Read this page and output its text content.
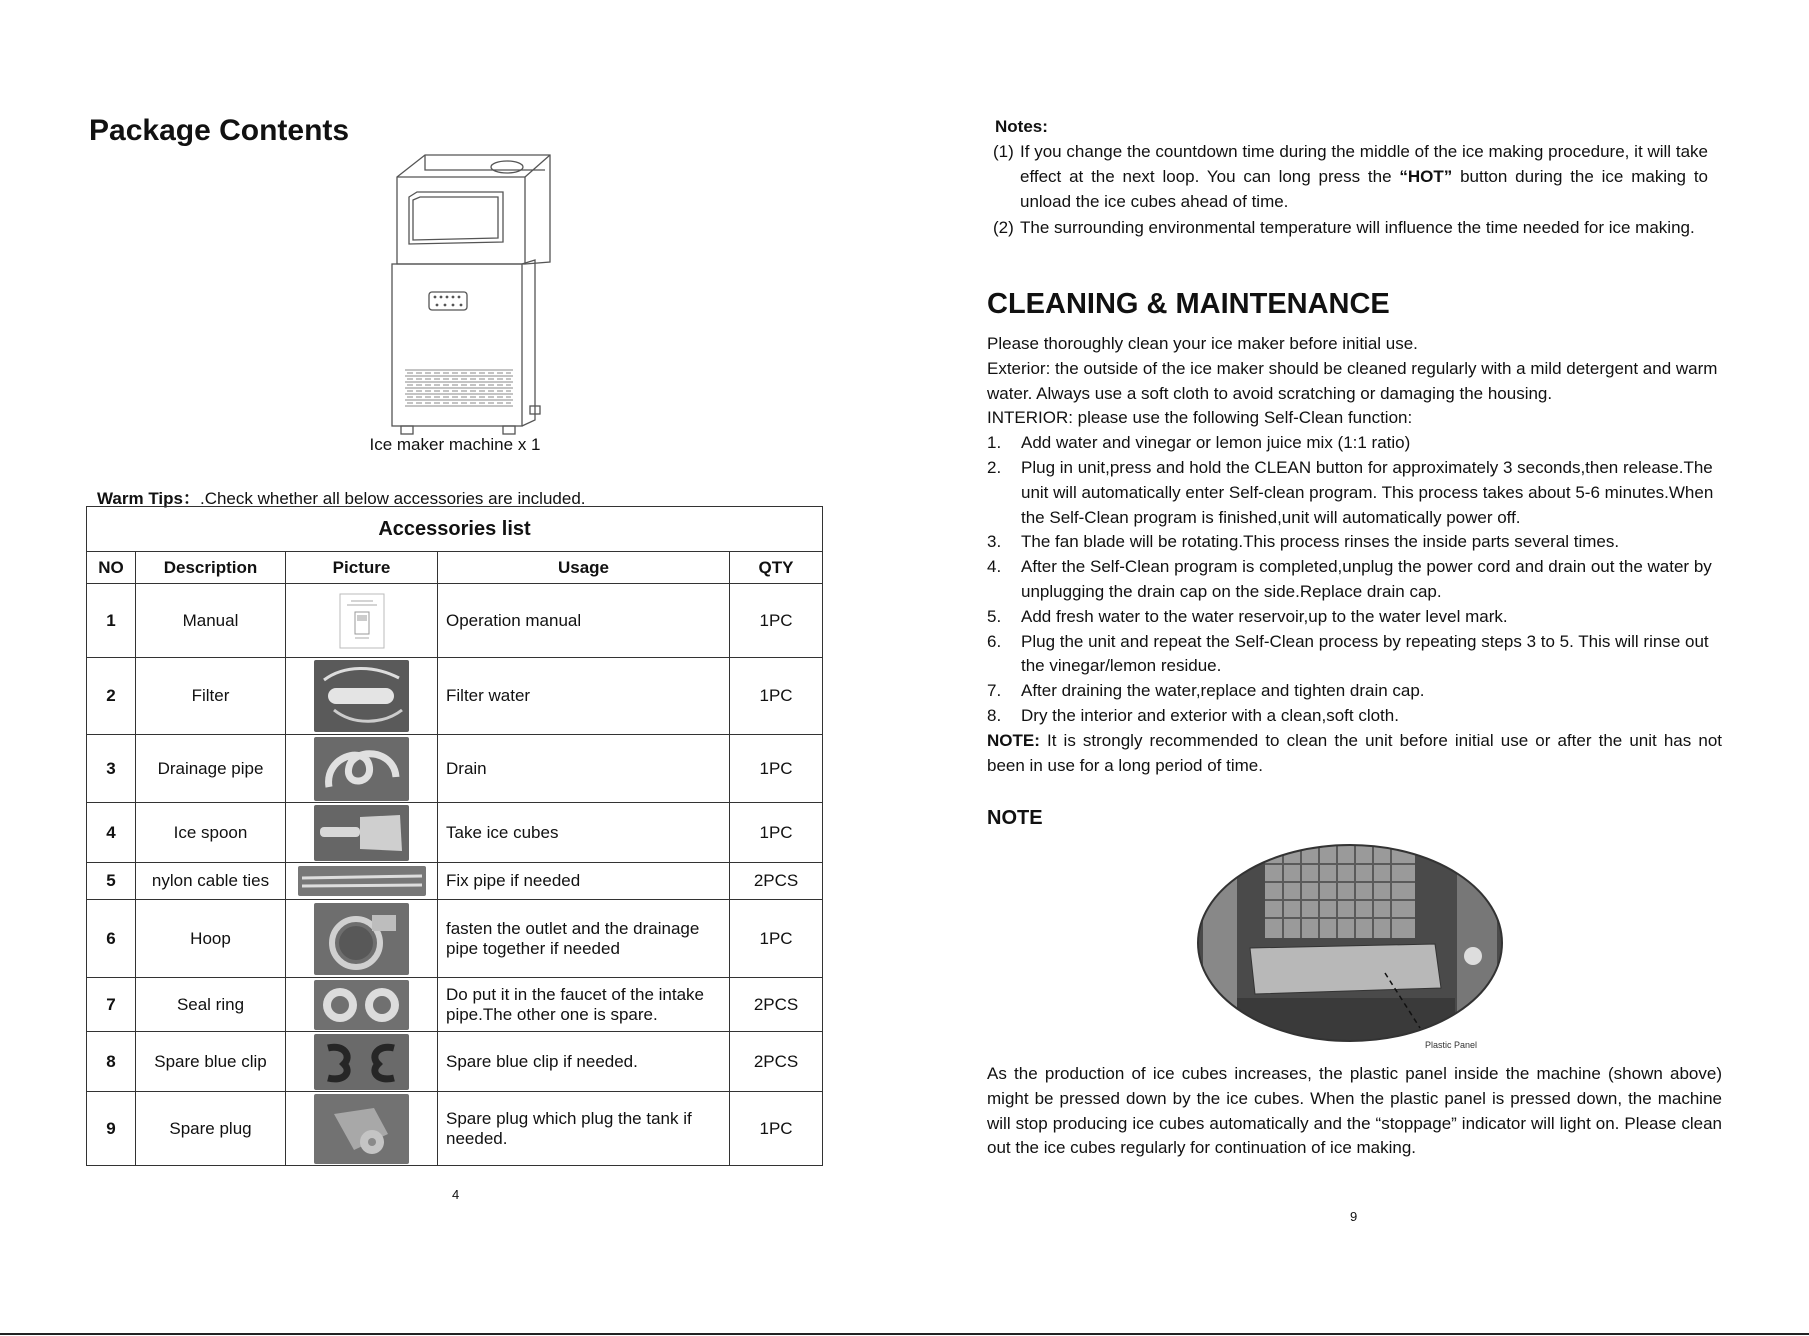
Package Contents
Ice maker machine x 1
Warm Tips：.Check whether all below accessories are included.
Accessories list				
NO	Description	Picture	Usage	QTY
1	Manual		Operation manual	1PC
2	Filter		Filter water	1PC
3	Drainage pipe		Drain	1PC
4	Ice spoon		Take ice cubes	1PC
5	nylon cable ties		Fix pipe if needed	2PCS
6	Hoop		fasten the outlet and the drainage pipe together if needed	1PC
7	Seal ring		Do put it in the faucet of the intake pipe.The other one is spare.	2PCS
8	Spare blue clip		Spare blue clip if needed.	2PCS
9	Spare plug		Spare plug which plug the tank if needed.	1PC
4
Notes:
(1) If you change the countdown time during the middle of the ice making procedure, it will take effect at the next loop. You can long press the “HOT” button during the ice making to unload the ice cubes ahead of time.
(2) The surrounding environmental temperature will influence the time needed for ice making.
CLEANING & MAINTENANCE

Please thoroughly clean your ice maker before initial use.

Exterior: the outside of the ice maker should be cleaned regularly with a mild detergent and warm water. Always use a soft cloth to avoid scratching or damaging the housing.

INTERIOR: please use the following Self-Clean function:

1. Add water and vinegar or lemon juice mix (1:1 ratio)
2. Plug in unit,press and hold the CLEAN button for approximately 3 seconds,then release.The unit will automatically enter Self-clean program. This process takes about 5-6 minutes.When the Self-Clean program is finished,unit will automatically power off.
3. The fan blade will be rotating.This process rinses the inside parts several times.
4. After the Self-Clean program is completed,unplug the power cord and drain out the water by unplugging the drain cap on the side.Replace drain cap.
5. Add fresh water to the water reservoir,up to the water level mark.
6. Plug the unit and repeat the Self-Clean process by repeating steps 3 to 5. This will rinse out the vinegar/lemon residue.
7. After draining the water,replace and tighten drain cap.
8. Dry the interior and exterior with a clean,soft cloth.

NOTE: It is strongly recommended to clean the unit before initial use or after the unit has not been in use for a long period of time.

NOTE
Plastic Panel
As the production of ice cubes increases, the plastic panel inside the machine (shown above) might be pressed down by the ice cubes. When the plastic panel is pressed down, the machine will stop producing ice cubes automatically and the “stoppage” indicator will light on. Please clean out the ice cubes regularly for continuation of ice making.
9
